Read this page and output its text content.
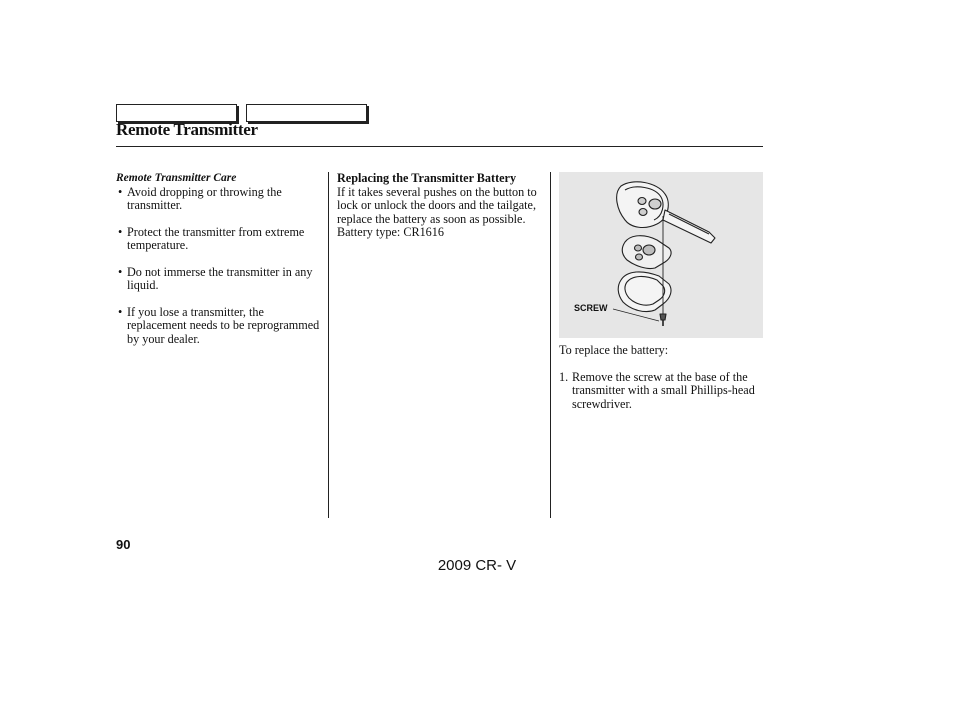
Remote Transmitter
Remote Transmitter Care
• Avoid dropping or throwing the transmitter.
• Protect the transmitter from extreme temperature.
• Do not immerse the transmitter in any liquid.
• If you lose a transmitter, the replacement needs to be reprogrammed by your dealer.
Replacing the Transmitter Battery

If it takes several pushes on the button to lock or unlock the doors and the tailgate, replace the battery as soon as possible.

Battery type: CR1616

SCREW

To replace the battery:

1. Remove the screw at the base of the transmitter with a small Phillips-head screwdriver.
90
2009 CR- V
